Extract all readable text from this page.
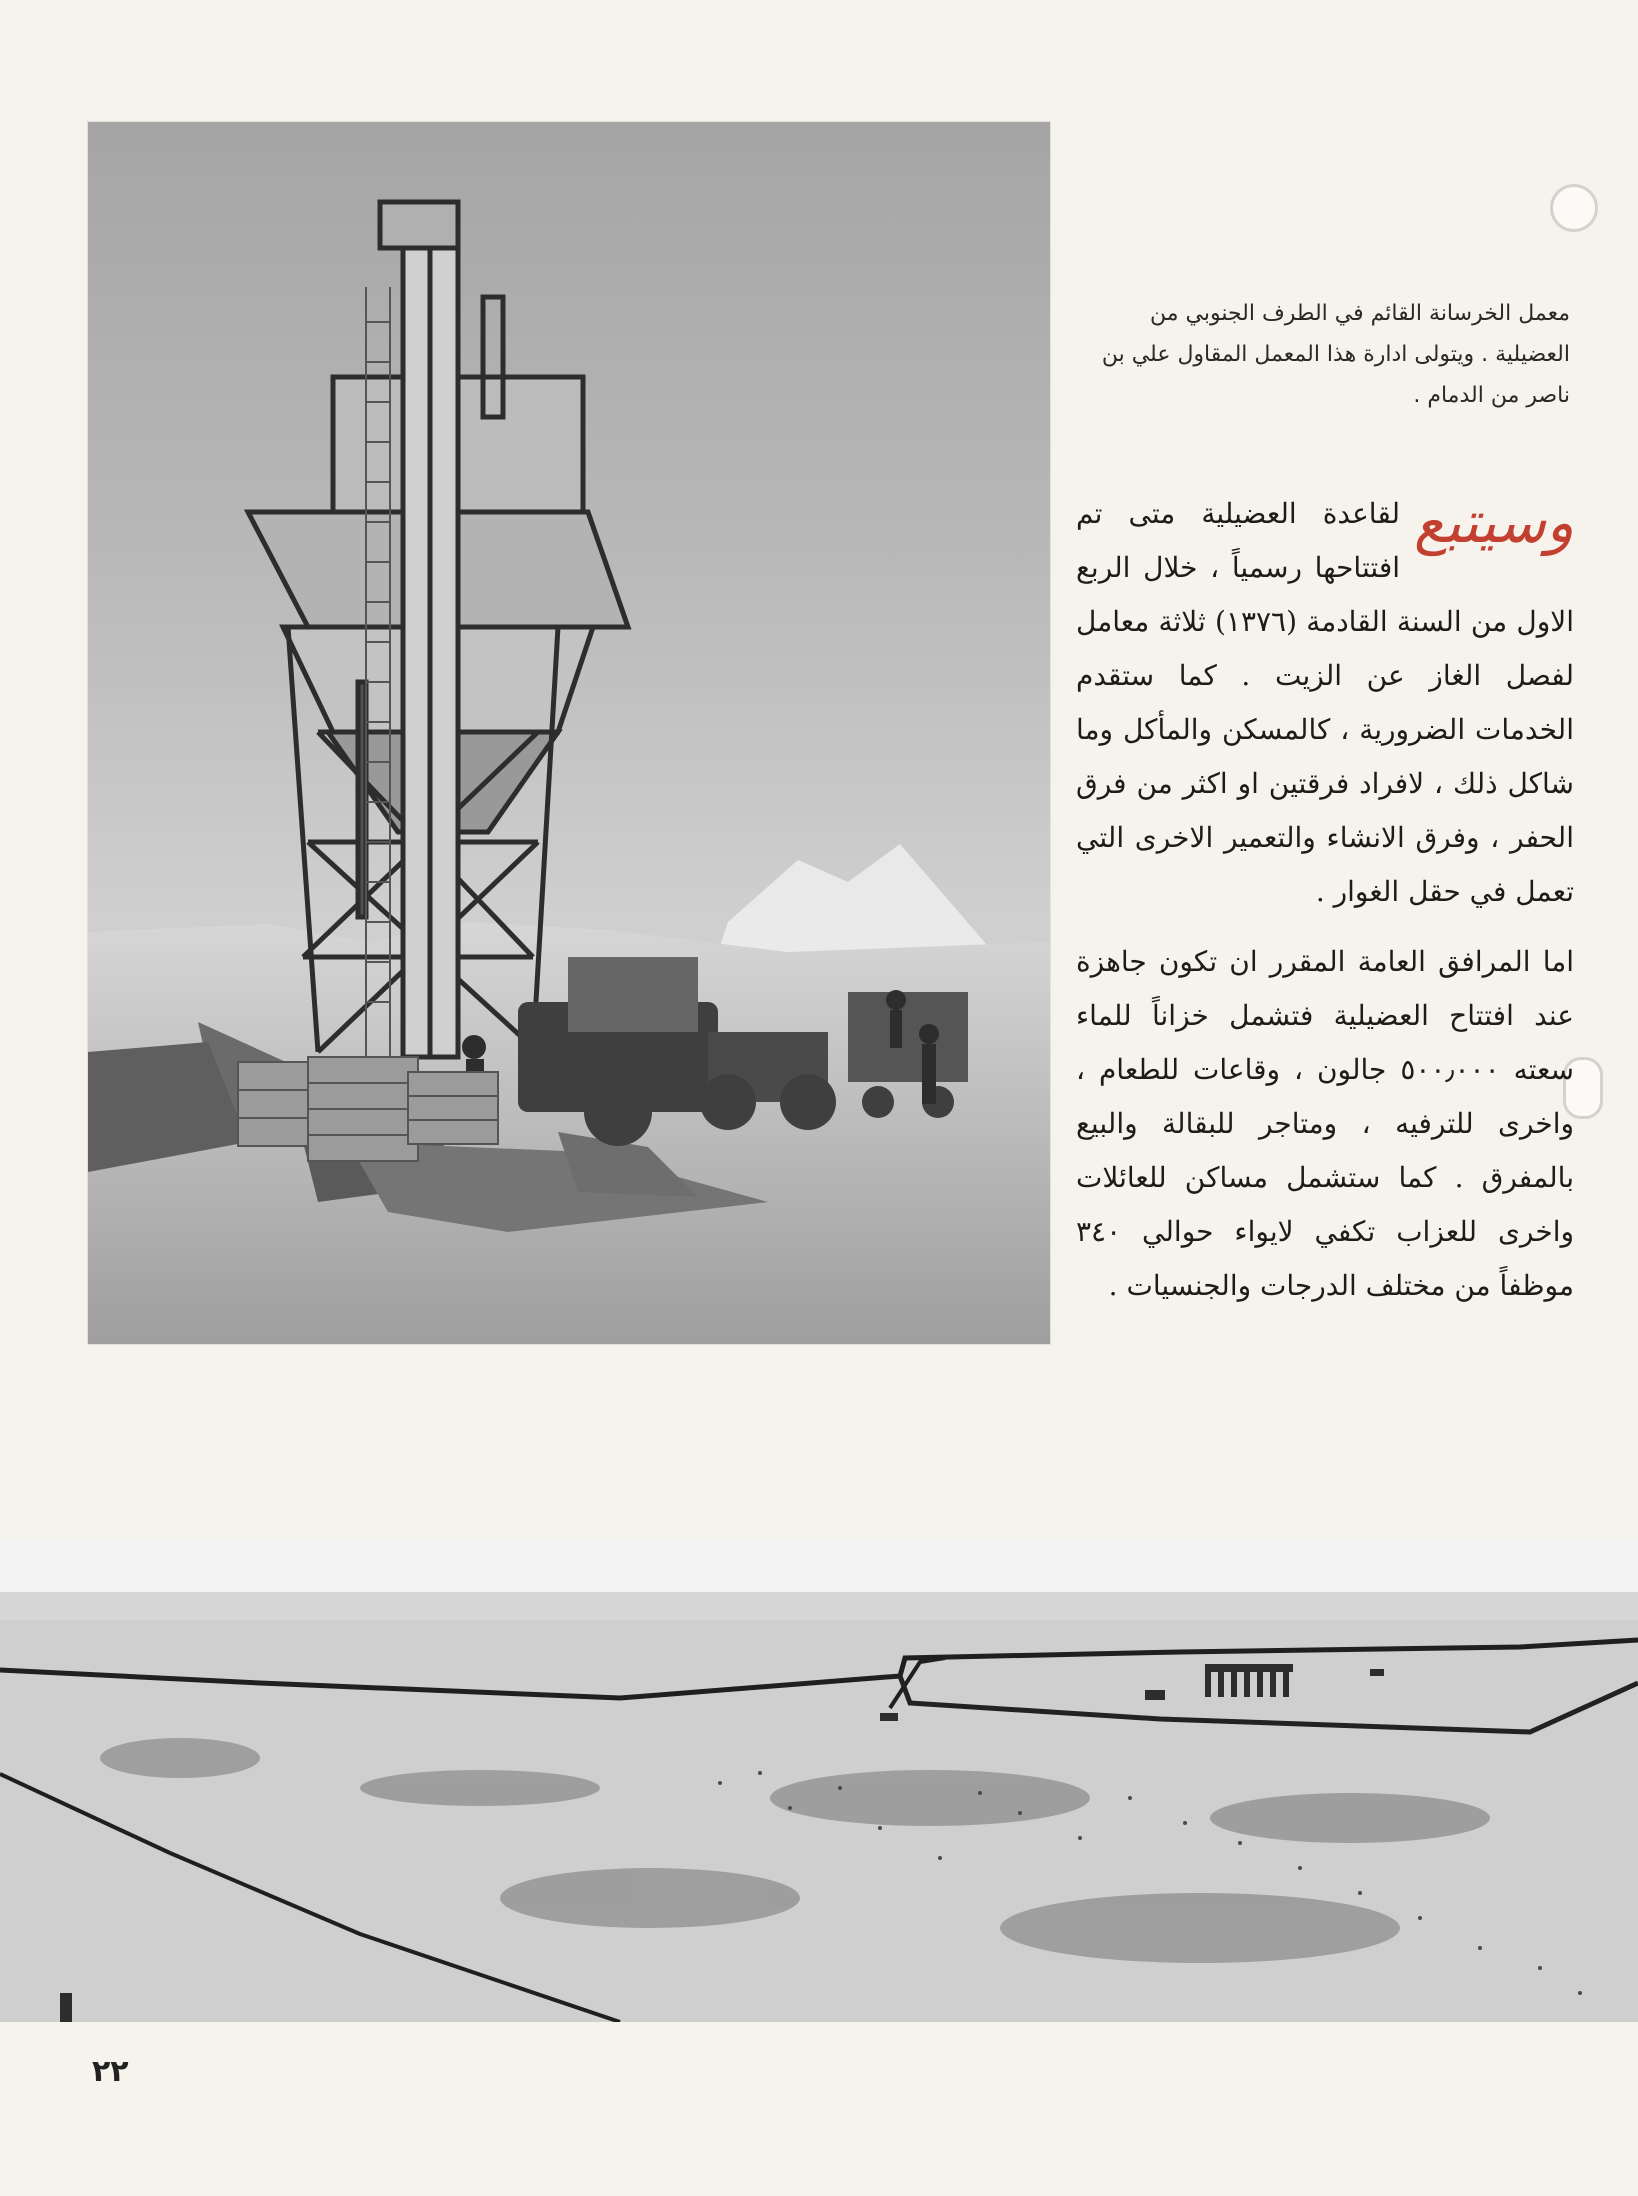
معمل الخرسانة القائم في الطرف الجنوبي من العضيلية . ويتولى ادارة هذا المعمل المقاول علي بن ناصر من الدمام .
وسيتبع

لقاعدة العضيلية متى تم افتتاحها رسمياً ، خلال الربع الاول من السنة القادمة (١٣٧٦) ثلاثة معامل لفصل الغاز عن الزيت . كما ستقدم الخدمات الضرورية ، كالمسكن والمأكل وما شاكل ذلك ، لافراد فرقتين او اكثر من فرق الحفر ، وفرق الانشاء والتعمير الاخرى التي تعمل في حقل الغوار .

اما المرافق العامة المقرر ان تكون جاهزة عند افتتاح العضيلية فتشمل خزاناً للماء سعته ٥٠٠٫٠٠٠ جالون ، وقاعات للطعام ، واخرى للترفيه ، ومتاجر للبقالة والبيع بالمفرق . كما ستشمل مساكن للعائلات واخرى للعزاب تكفي لايواء حوالي ٣٤٠ موظفاً من مختلف الدرجات والجنسيات .

٢٢
